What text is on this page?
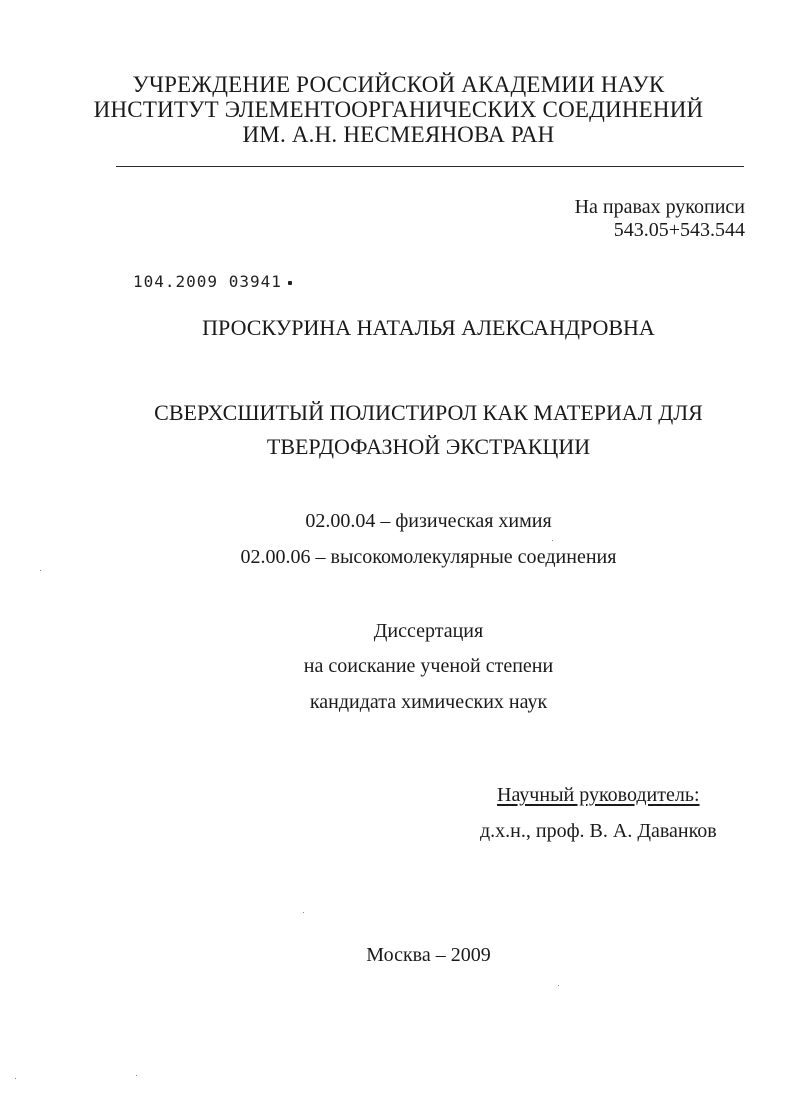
УЧРЕЖДЕНИЕ РОССИЙСКОЙ АКАДЕМИИ НАУК
ИНСТИТУТ ЭЛЕМЕНТООРГАНИЧЕСКИХ СОЕДИНЕНИЙ
ИМ. А.Н. НЕСМЕЯНОВА РАН
На правах рукописи
543.05+543.544
104.2009 03941
ПРОСКУРИНА НАТАЛЬЯ АЛЕКСАНДРОВНА
СВЕРХСШИТЫЙ ПОЛИСТИРОЛ КАК МАТЕРИАЛ ДЛЯ
ТВЕРДОФАЗНОЙ ЭКСТРАКЦИИ
02.00.04 – физическая химия
02.00.06 – высокомолекулярные соединения
Диссертация
на соискание ученой степени
кандидата химических наук
Научный руководитель:
д.х.н., проф. В. А. Даванков
Москва – 2009
